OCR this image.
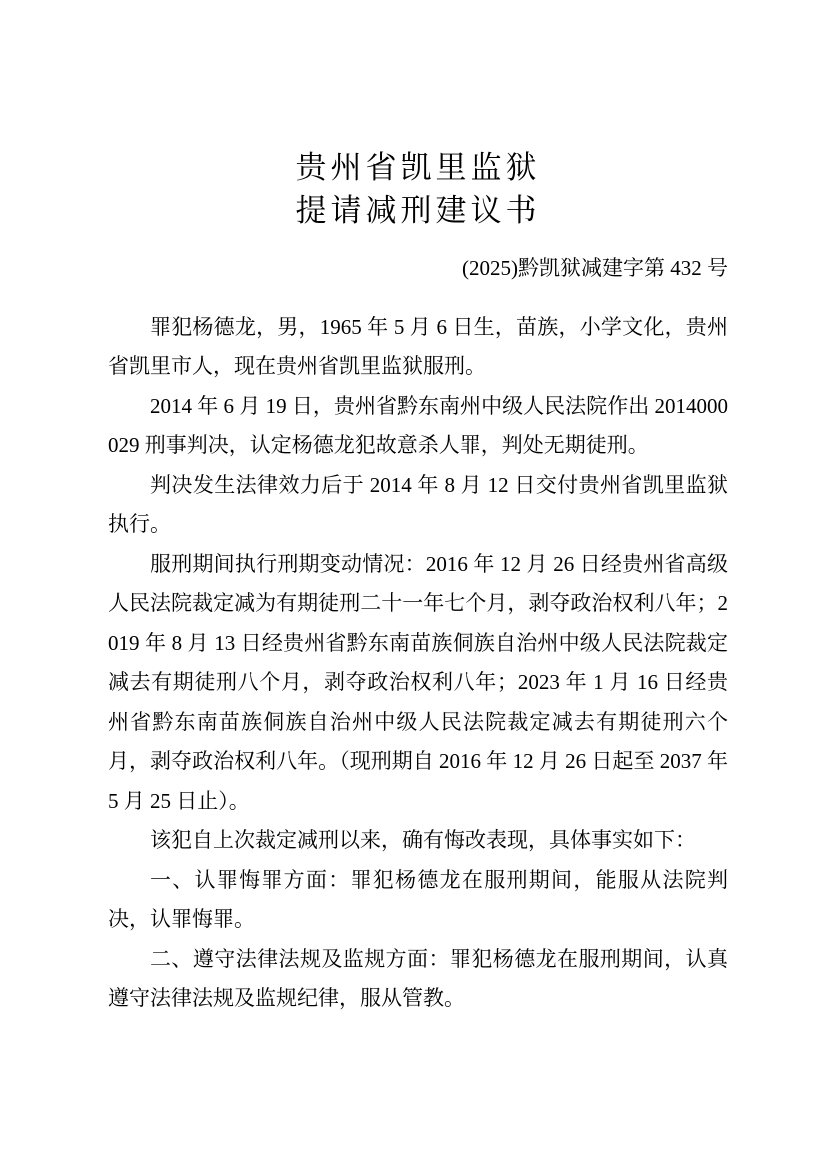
贵州省凯里监狱
提请减刑建议书
(2025)黔凯狱减建字第 432 号

罪犯杨德龙，男，1965 年 5 月 6 日生，苗族，小学文化，贵州省凯里市人，现在贵州省凯里监狱服刑。

2014 年 6 月 19 日，贵州省黔东南州中级人民法院作出 2014000029 刑事判决，认定杨德龙犯故意杀人罪，判处无期徒刑。

判决发生法律效力后于 2014 年 8 月 12 日交付贵州省凯里监狱执行。

服刑期间执行刑期变动情况：2016 年 12 月 26 日经贵州省高级人民法院裁定减为有期徒刑二十一年七个月，剥夺政治权利八年；2019 年 8 月 13 日经贵州省黔东南苗族侗族自治州中级人民法院裁定减去有期徒刑八个月，剥夺政治权利八年；2023 年 1 月 16 日经贵州省黔东南苗族侗族自治州中级人民法院裁定减去有期徒刑六个月，剥夺政治权利八年。（现刑期自 2016 年 12 月 26 日起至 2037 年 5 月 25 日止）。

该犯自上次裁定减刑以来，确有悔改表现，具体事实如下：

一、认罪悔罪方面：罪犯杨德龙在服刑期间，能服从法院判决，认罪悔罪。

二、遵守法律法规及监规方面：罪犯杨德龙在服刑期间，认真遵守法律法规及监规纪律，服从管教。
